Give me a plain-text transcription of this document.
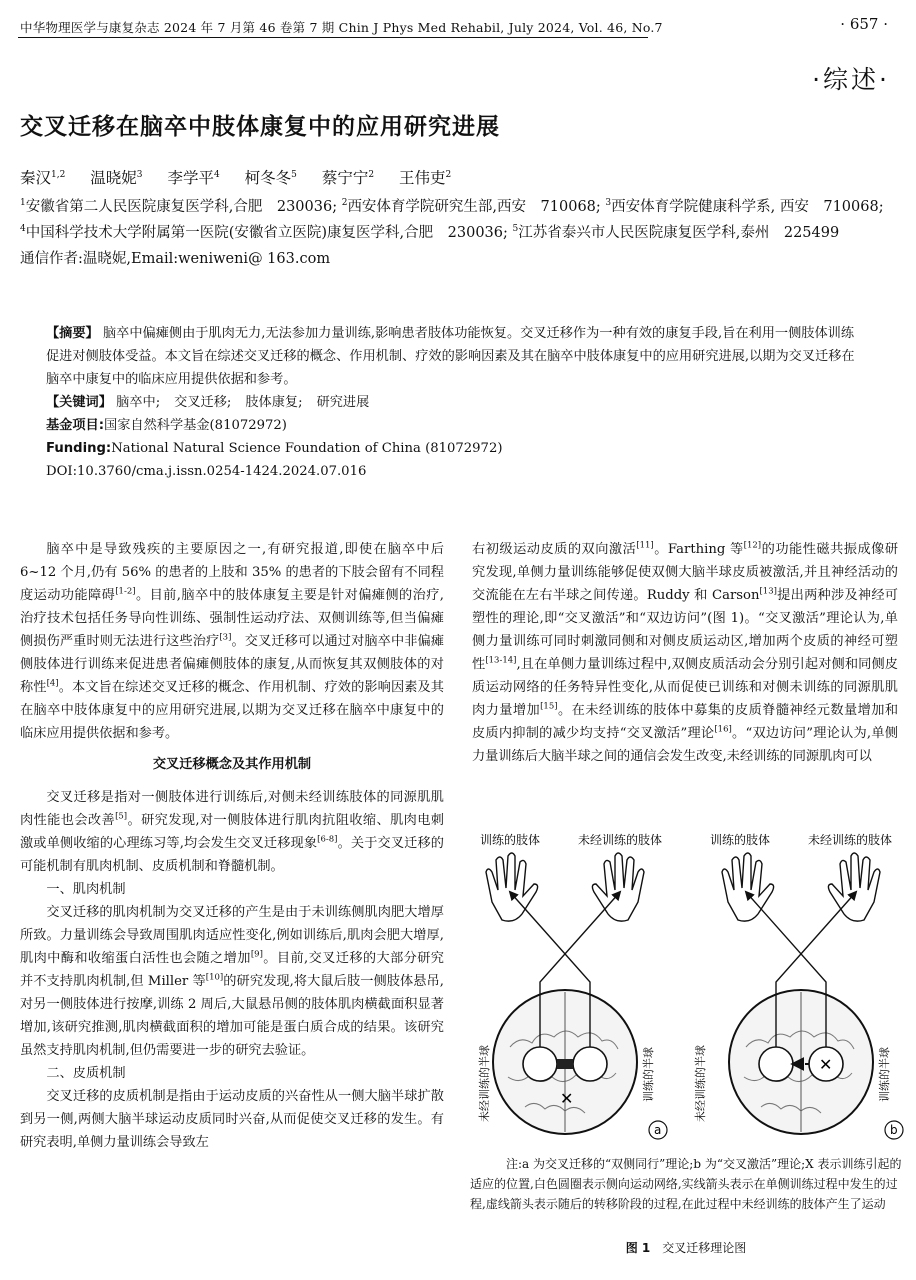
中华物理医学与康复杂志 2024 年 7 月第 46 卷第 7 期 Chin J Phys Med Rehabil, July 2024, Vol. 46, No.7	· 657 ·
·综述·
交叉迁移在脑卒中肢体康复中的应用研究进展
秦汉$^{1,2}$ 温晓妮$^3$ 李学平$^4$ 柯冬冬$^5$ 蔡宁宁$^2$ 王伟吏$^2$
$^1$安徽省第二人民医院康复医学科,合肥　230036; $^2$西安体育学院研究生部,西安　710068; $^3$西安体育学院健康科学系, 西安　710068; $^4$中国科学技术大学附属第一医院(安徽省立医院)康复医学科,合肥　230036; $^5$江苏省泰兴市人民医院康复医学科,泰州　225499
通信作者:温晓妮,Email:weniweni@ 163.com
【摘要】 脑卒中偏瘫侧由于肌肉无力,无法参加力量训练,影响患者肢体功能恢复。交叉迁移作为一种有效的康复手段,旨在利用一侧肢体训练促进对侧肢体受益。本文旨在综述交叉迁移的概念、作用机制、疗效的影响因素及其在脑卒中肢体康复中的应用研究进展,以期为交叉迁移在脑卒中康复中的临床应用提供依据和参考。
【关键词】 脑卒中; 交叉迁移; 肢体康复; 研究进展
基金项目:国家自然科学基金(81072972)
Funding:National Natural Science Foundation of China (81072972)
DOI:10.3760/cma.j.issn.0254-1424.2024.07.016

脑卒中是导致残疾的主要原因之一,有研究报道,即使在脑卒中后 6~12 个月,仍有 56% 的患者的上肢和 35% 的患者的下肢会留有不同程度运动功能障碍[1-2]。目前,脑卒中的肢体康复主要是针对偏瘫侧的治疗,治疗技术包括任务导向性训练、强制性运动疗法、双侧训练等,但当偏瘫侧损伤严重时则无法进行这些治疗[3]。交叉迁移可以通过对脑卒中非偏瘫侧肢体进行训练来促进患者偏瘫侧肢体的康复,从而恢复其双侧肢体的对称性[4]。本文旨在综述交叉迁移的概念、作用机制、疗效的影响因素及其在脑卒中肢体康复中的应用研究进展,以期为交叉迁移在脑卒中康复中的临床应用提供依据和参考。

交叉迁移概念及其作用机制

交叉迁移是指对一侧肢体进行训练后,对侧未经训练肢体的同源肌肌肉性能也会改善[5]。研究发现,对一侧肢体进行肌肉抗阻收缩、肌肉电刺激或单侧收缩的心理练习等,均会发生交叉迁移现象[6-8]。关于交叉迁移的可能机制有肌肉机制、皮质机制和脊髓机制。

一、肌肉机制

交叉迁移的肌肉机制为交叉迁移的产生是由于未训练侧肌肉肥大增厚所致。力量训练会导致周围肌肉适应性变化,例如训练后,肌肉会肥大增厚,肌肉中酶和收缩蛋白活性也会随之增加[9]。目前,交叉迁移的大部分研究并不支持肌肉机制,但 Miller 等[10]的研究发现,将大鼠后肢一侧肢体悬吊,对另一侧肢体进行按摩,训练 2 周后,大鼠悬吊侧的肢体肌肉横截面积显著增加,该研究推测,肌肉横截面积的增加可能是蛋白质合成的结果。该研究虽然支持肌肉机制,但仍需要进一步的研究去验证。

二、皮质机制

交叉迁移的皮质机制是指由于运动皮质的兴奋性从一侧大脑半球扩散到另一侧,两侧大脑半球运动皮质同时兴奋,从而促使交叉迁移的发生。有研究表明,单侧力量训练会导致左

右初级运动皮质的双向激活[11]。Farthing 等[12]的功能性磁共振成像研究发现,单侧力量训练能够促使双侧大脑半球皮质被激活,并且神经活动的交流能在左右半球之间传递。Ruddy 和 Carson[13]提出两种涉及神经可塑性的理论,即“交叉激活”和“双边访问”(图 1)。“交叉激活”理论认为,单侧力量训练可同时刺激同侧和对侧皮质运动区,增加两个皮质的神经可塑性[13-14],且在单侧力量训练过程中,双侧皮质活动会分别引起对侧和同侧皮质运动网络的任务特异性变化,从而促使已训练和对侧未训练的同源肌肌肉力量增加[15]。在未经训练的肢体中募集的皮质脊髓神经元数量增加和皮质内抑制的减少均支持“交叉激活”理论[16]。“双边访问”理论认为,单侧力量训练后大脑半球之间的通信会发生改变,未经训练的同源肌肉可以

训练的肢体	未经训练的肢体
✕
未经训练的半球	训练的半球
a
训练的肢体	未经训练的肢体
✕
未经训练的半球	训练的半球
b
注:a 为交叉迁移的“双侧同行”理论;b 为“交叉激活”理论;X 表示训练引起的适应的位置,白色圆圈表示侧向运动网络,实线箭头表示在单侧训练过程中发生的过程,虚线箭头表示随后的转移阶段的过程,在此过程中未经训练的肢体产生了运动
图 1　 交叉迁移理论图
